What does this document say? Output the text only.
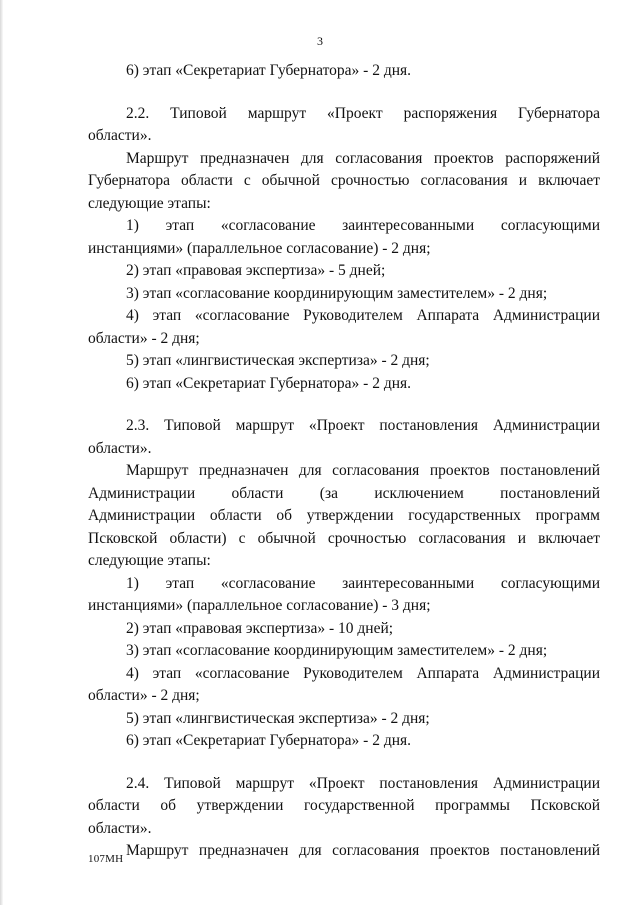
3
6) этап «Секретариат Губернатора» - 2 дня.
2.2. Типовой маршрут «Проект распоряжения Губернатора
области».
Маршрут предназначен для согласования проектов распоряжений
Губернатора области с обычной срочностью согласования и включает
следующие этапы:
1) этап «согласование заинтересованными согласующими
инстанциями» (параллельное согласование) - 2 дня;
2) этап «правовая экспертиза» - 5 дней;
3) этап «согласование координирующим заместителем» - 2 дня;
4) этап «согласование Руководителем Аппарата Администрации
области» - 2 дня;
5) этап «лингвистическая экспертиза» - 2 дня;
6) этап «Секретариат Губернатора» - 2 дня.
2.3. Типовой маршрут «Проект постановления Администрации
области».
Маршрут предназначен для согласования проектов постановлений
Администрации области (за исключением постановлений
Администрации области об утверждении государственных программ
Псковской области) с обычной срочностью согласования и включает
следующие этапы:
1) этап «согласование заинтересованными согласующими
инстанциями» (параллельное согласование) - 3 дня;
2) этап «правовая экспертиза» - 10 дней;
3) этап «согласование координирующим заместителем» - 2 дня;
4) этап «согласование Руководителем Аппарата Администрации
области» - 2 дня;
5) этап «лингвистическая экспертиза» - 2 дня;
6) этап «Секретариат Губернатора» - 2 дня.
2.4. Типовой маршрут «Проект постановления Администрации
области об утверждении государственной программы Псковской
области».
Маршрут предназначен для согласования проектов постановлений
107МН
